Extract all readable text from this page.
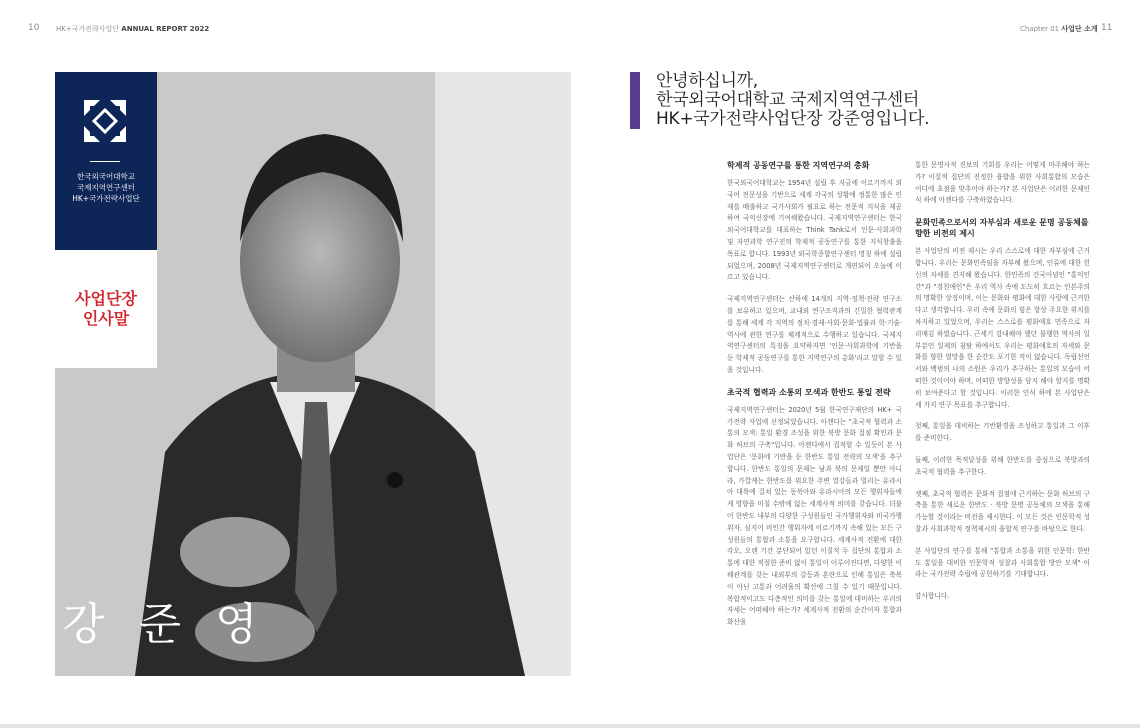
10 HK+국가전략사업단 ANNUAL REPORT 2022	Chapter 01 사업단 소개 11
한국외국어대학교
국제지역연구센터
HK+국가전략사업단
사업단장
인사말
강 준 영
안녕하십니까,
한국외국어대학교 국제지역연구센터
HK+국가전략사업단장 강준영입니다.
학제적 공동연구를 통한 지역연구의 총화

한국외국어대학교는 1954년 설립 후 지금에 이르기까지 외국어 전문성을 기반으로 세계 각국의 상황에 정통한 많은 인재를 배출하고 국가사회가 필요로 하는 전문적 지식을 제공하여 국익신장에 기여해왔습니다. 국제지역연구센터는 한국외국어대학교를 대표하는 Think Tank로서 인문·사회과학 및 자연과학 연구진의 학제적 공동연구를 통한 지식창출을 목표로 합니다. 1993년 외국학종합연구센터 명칭 하에 설립되었으며, 2008년 국제지역연구센터로 개편되어 오늘에 이르고 있습니다.

국제지역연구센터는 산하에 14개의 지역·정책·전략 연구소를 보유하고 있으며, 교내외 연구조직과의 긴밀한 협력관계를 통해 세계 각 지역의 정치·경제·사회·문화·법률과 학·기술·역사에 관한 연구를 체계적으로 수행하고 있습니다. 국제지역연구센터의 특징을 요약하자면 '인문·사회과학에 기반을 둔 학제적 공동연구를 통한 지역연구의 총화'라고 말할 수 있을 것입니다.

초국적 협력과 소통의 모색과 한반도 통일 전략

국제지역연구센터는 2020년 5월 한국연구재단의 HK+ 국가전략 사업에 선정되었습니다. 아젠다는 "초국적 협력과 소통의 모색: 통일 환경 조성을 위한 북방 문화 접점 확인과 문화 허브의 구축"입니다. 아젠다에서 집작할 수 있듯이 본 사업단은 '문화에 기반을 둔 한반도 통일 전략의 모색'을 추구합니다. 한반도 통일의 문제는 남과 북의 문제일 뿐만 아니라, 가깝게는 한반도를 위요한 주변 열강들과 멀리는 유라시아 대륙에 걸쳐 있는 동북아와 유라시아의 모든 행위자들에게 영향을 미칠 수밖에 없는 세계사적 의미를 갖습니다. 더불어 한반도 내부의 다양한 구성원들인 국가행위자와 비국가행위자, 심지어 비인간 행위자에 이르기까지 속해 있는 모든 구성원들의 통합과 소통을 요구합니다. 세계사적 전환에 대한 각오, 오랜 기간 분단되어 있던 이질적 두 집단의 통합과 소통에 대한 적절한 준비 없이 통일이 이루어진다면, 다양한 이해관계를 갖는 내외부의 갈등과 혼란으로 인해 통일은 축복이 아닌 고통과 어려움의 확산에 그칠 수 있기 때문입니다. 복합적이고도 다층적인 의미를 갖는 통일에 대비하는 우리의 자세는 어떠해야 하는가? 세계사적 전환의 순간이자 통합과 화산을

통한 문명사적 진보의 기회를 우리는 어떻게 마주해야 하는가? 이질적 집단의 진정한 융합을 위한 사회통합의 모습은 어디에 초점을 맞추어야 하는가? 본 사업단은 이러한 문제인식 하에 아젠다를 구축하였습니다.

문화민족으로서의 자부심과 새로운 문명 공동체를 향한 비전의 제시

본 사업단의 비전 제시는 우리 스스로에 대한 자부심에 근거합니다. 우리는 문화민족임을 자부해 왔으며, 인류에 대한 헌신의 자세를 견지해 왔습니다. 한민족의 건국이념인 "홍익인간"과 "경천애인"은 우리 역사 속에 도도히 흐르는 인본주의의 명확한 상징이며, 이는 문화와 평화에 대한 사랑에 근거한다고 생각합니다. 우리 속에 문화의 힘은 항상 주요한 위치를 차지하고 있었으며, 우리는 스스로를 평화애호 민족으로 자리매김 하였습니다. 근세기 감내해야 했던 불행한 역사의 일부분인 일제의 침탈 하에서도 우리는 평화애호의 자세와 문화를 향한 열망을 한 순간도 포기한 적이 없습니다. 독립선언서와 백범의 나의 소원은 우리가 추구하는 통일의 모습이 어떠한 것이어야 하며, 어떠한 방향성을 담지 해야 할지를 명확히 보여준다고 할 것입니다. 이러한 인식 하에 본 사업단은 세 가지 연구 목표를 추구합니다.

첫째, 통일을 대비하는 기반환경을 조성하고 통일과 그 이후를 준비한다.

둘째, 이러한 목적달성을 위해 한반도를 중심으로 북방과의 초국적 협력을 추구한다.

셋째, 초국적 협력은 문화적 접점에 근거하는 문화 허브의 구축을 통한 새로운 한반도 · 북방 문명 공동체의 모색을 통해 가능할 것이라는 비전을 제시한다. 이 모든 것은 인문학적 성찰과 사회과학적 정책제시의 융합적 연구를 바탕으로 한다.

본 사업단의 연구를 통해 "통합과 소통을 위한 인문학: 한반도 통일을 대비한 인문학적 성찰과 사회통합 방안 모색" 이라는 국가전략 수립에 공헌하기를 기대합니다.

감사합니다.
